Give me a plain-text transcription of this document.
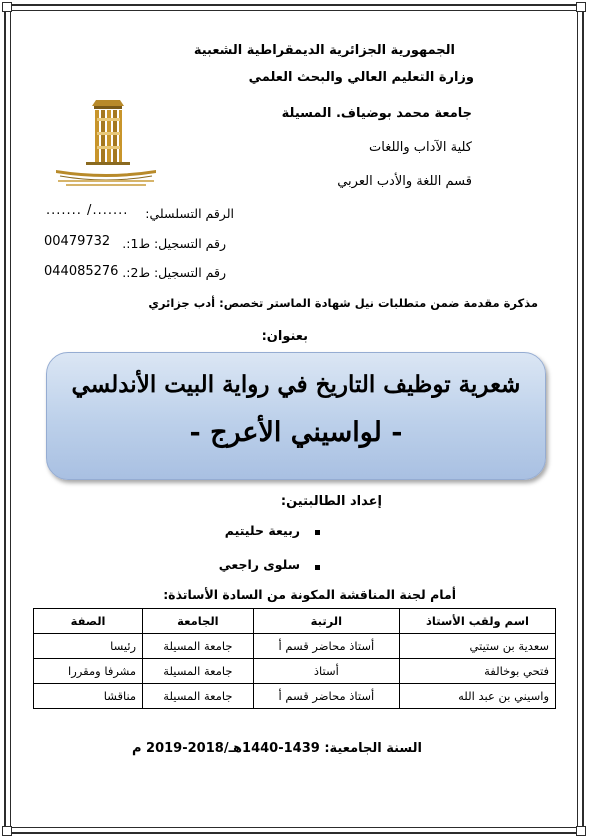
الجمهورية الجزائرية الديمقراطية الشعبية
وزارة التعليم العالي والبحث العلمي
جامعة محمد بوضياف. المسيلة
كلية الآداب واللغات
قسم اللغة والأدب العربي
الرقم التسلسلي:
....... /.......
رقم التسجيل: ط1:.
00479732
رقم التسجيل: ط2:.
044085276
مذكرة مقدمة ضمن متطلبات نيل شهادة الماستر تخصص: أدب جزائري
بعنوان:
شعرية توظيف التاريخ في رواية البيت الأندلسي
- لواسيني الأعرج -
إعداد الطالبتين:
ربيعة حليتيم
سلوى راجعي
أمام لجنة المناقشة المكونة من السادة الأساتذة:
اسم ولقب الأستاذ	الرتبة	الجامعة	الصفة
سعدية بن ستيتي	أستاذ محاضر قسم أ	جامعة المسيلة	رئيسا
فتحي بوخالفة	أستاذ	جامعة المسيلة	مشرفا ومقررا
واسيني بن عبد الله	أستاذ محاضر قسم أ	جامعة المسيلة	مناقشا
السنة الجامعية: 1439-1440هـ/2018-2019 م
